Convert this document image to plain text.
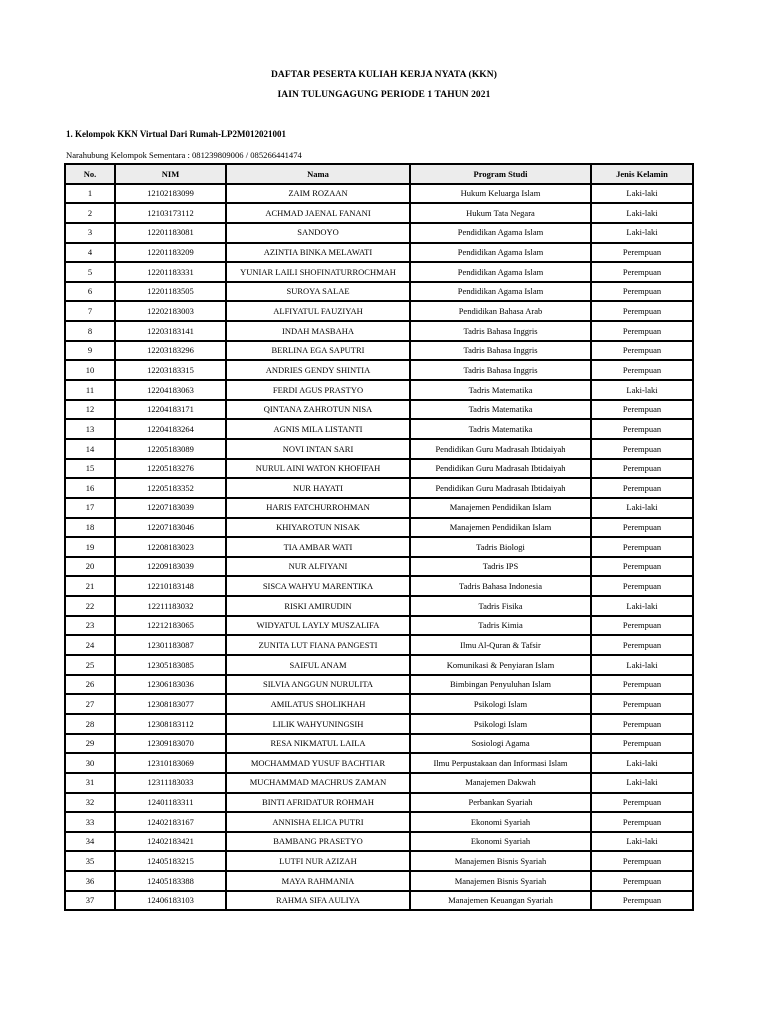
DAFTAR PESERTA KULIAH KERJA NYATA (KKN)
IAIN TULUNGAGUNG PERIODE 1 TAHUN 2021
1. Kelompok KKN Virtual Dari Rumah-LP2M012021001
Narahubung Kelompok Sementara : 081239809006 / 085266441474
No.	NIM	Nama	Program Studi	Jenis Kelamin
1	12102183099	ZAIM ROZAAN	Hukum Keluarga Islam	Laki-laki
2	12103173112	ACHMAD JAENAL FANANI	Hukum Tata Negara	Laki-laki
3	12201183081	SANDOYO	Pendidikan Agama Islam	Laki-laki
4	12201183209	AZINTIA BINKA MELAWATI	Pendidikan Agama Islam	Perempuan
5	12201183331	YUNIAR LAILI SHOFINATURROCHMAH	Pendidikan Agama Islam	Perempuan
6	12201183505	SUROYA SALAE	Pendidikan Agama Islam	Perempuan
7	12202183003	ALFIYATUL FAUZIYAH	Pendidikan Bahasa Arab	Perempuan
8	12203183141	INDAH MASBAHA	Tadris Bahasa Inggris	Perempuan
9	12203183296	BERLINA EGA SAPUTRI	Tadris Bahasa Inggris	Perempuan
10	12203183315	ANDRIES GENDY SHINTIA	Tadris Bahasa Inggris	Perempuan
11	12204183063	FERDI AGUS PRASTYO	Tadris Matematika	Laki-laki
12	12204183171	QINTANA ZAHROTUN NISA	Tadris Matematika	Perempuan
13	12204183264	AGNIS MILA LISTANTI	Tadris Matematika	Perempuan
14	12205183089	NOVI INTAN SARI	Pendidikan Guru Madrasah Ibtidaiyah	Perempuan
15	12205183276	NURUL AINI WATON KHOFIFAH	Pendidikan Guru Madrasah Ibtidaiyah	Perempuan
16	12205183352	NUR HAYATI	Pendidikan Guru Madrasah Ibtidaiyah	Perempuan
17	12207183039	HARIS FATCHURROHMAN	Manajemen Pendidikan Islam	Laki-laki
18	12207183046	KHIYAROTUN NISAK	Manajemen Pendidikan Islam	Perempuan
19	12208183023	TIA AMBAR WATI	Tadris Biologi	Perempuan
20	12209183039	NUR ALFIYANI	Tadris IPS	Perempuan
21	12210183148	SISCA WAHYU MARENTIKA	Tadris Bahasa Indonesia	Perempuan
22	12211183032	RISKI AMIRUDIN	Tadris Fisika	Laki-laki
23	12212183065	WIDYATUL LAYLY MUSZALIFA	Tadris Kimia	Perempuan
24	12301183087	ZUNITA LUT FIANA PANGESTI	Ilmu Al-Quran & Tafsir	Perempuan
25	12305183085	SAIFUL ANAM	Komunikasi & Penyiaran Islam	Laki-laki
26	12306183036	SILVIA ANGGUN NURULITA	Bimbingan Penyuluhan Islam	Perempuan
27	12308183077	AMILATUS SHOLIKHAH	Psikologi Islam	Perempuan
28	12308183112	LILIK WAHYUNINGSIH	Psikologi Islam	Perempuan
29	12309183070	RESA NIKMATUL LAILA	Sosiologi Agama	Perempuan
30	12310183069	MOCHAMMAD YUSUF BACHTIAR	Ilmu Perpustakaan dan Informasi Islam	Laki-laki
31	12311183033	MUCHAMMAD MACHRUS ZAMAN	Manajemen Dakwah	Laki-laki
32	12401183311	BINTI AFRIDATUR ROHMAH	Perbankan Syariah	Perempuan
33	12402183167	ANNISHA ELICA PUTRI	Ekonomi Syariah	Perempuan
34	12402183421	BAMBANG PRASETYO	Ekonomi Syariah	Laki-laki
35	12405183215	LUTFI NUR AZIZAH	Manajemen Bisnis Syariah	Perempuan
36	12405183388	MAYA RAHMANIA	Manajemen Bisnis Syariah	Perempuan
37	12406183103	RAHMA SIFA AULIYA	Manajemen Keuangan Syariah	Perempuan
